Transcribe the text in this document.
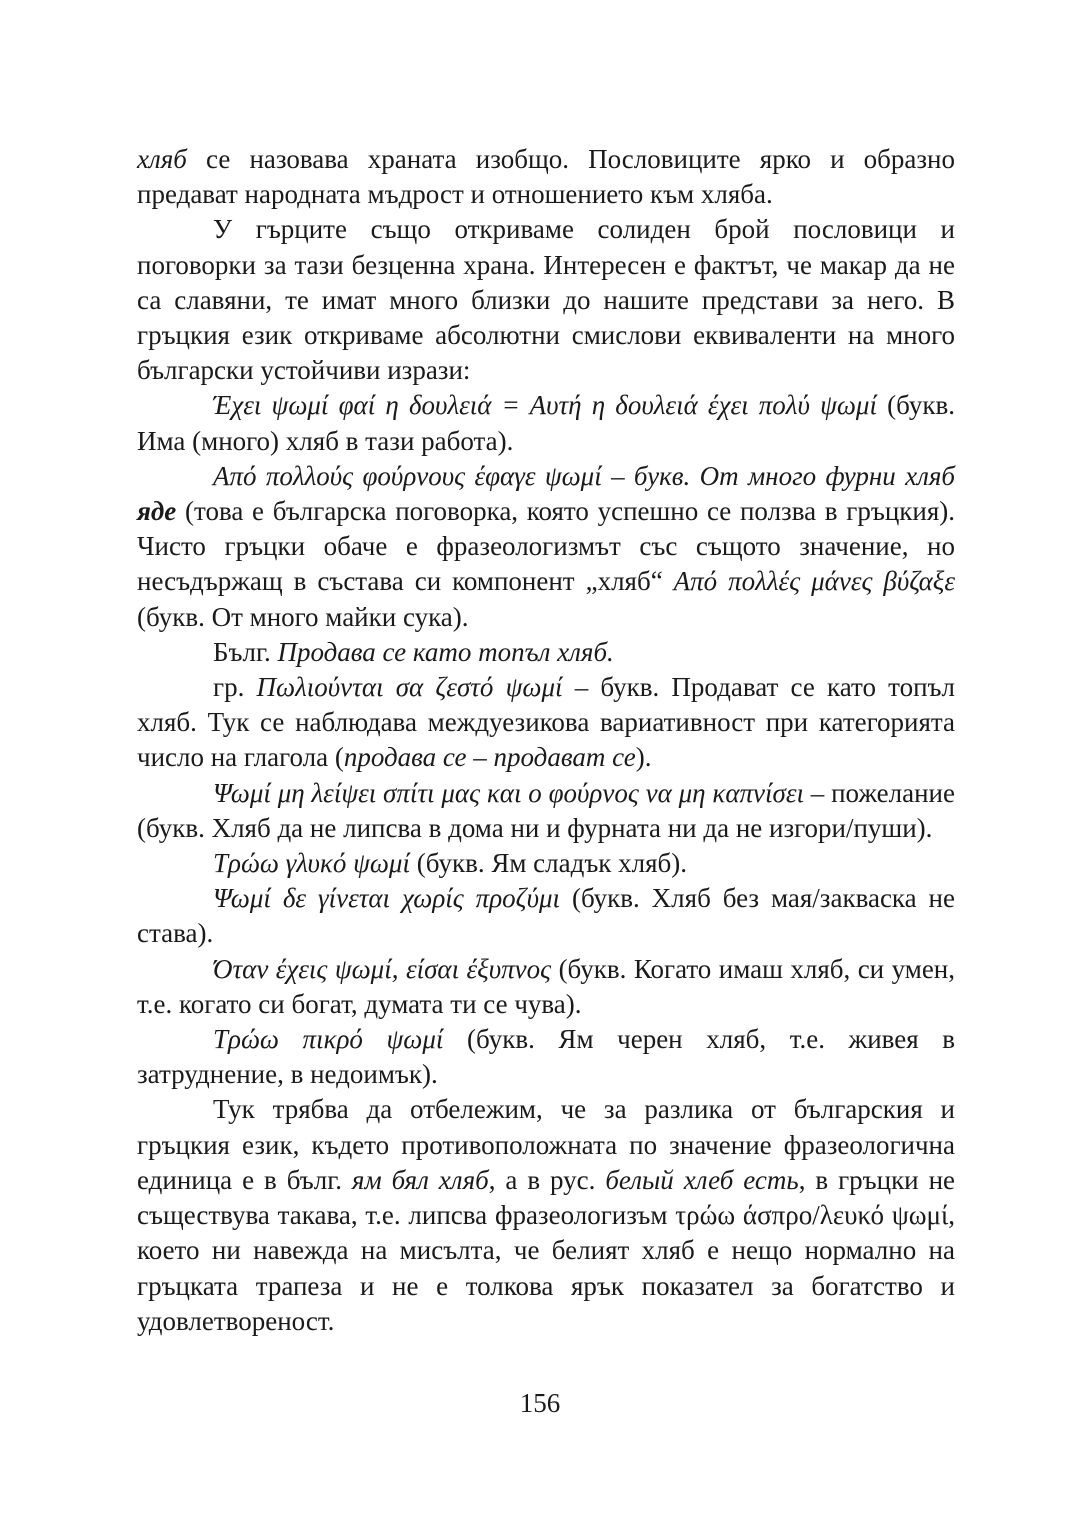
хляб се назовава храната изобщо. Пословиците ярко и образно предават народната мъдрост и отношението към хляба.

У гърците също откриваме солиден брой пословици и поговорки за тази безценна храна. Интересен е фактът, че макар да не са славяни, те имат много близки до нашите представи за него. В гръцкия език откриваме абсолютни смислови еквиваленти на много български устойчиви изрази:

Έχει ψωμί φαί η δουλειά = Αυτή η δουλειά έχει πολύ ψωμί (букв. Има (много) хляб в тази работа).

Από πολλούς φούρνους έφαγε ψωμί – букв. От много фурни хляб яде (това е българска поговорка, която успешно се ползва в гръцкия). Чисто гръцки обаче е фразеологизмът със същото значение, но несъдържащ в състава си компонент „хляб“ Από πολλές μάνες βύζαξε (букв. От много майки сука).

Бълг. Продава се като топъл хляб.

гр. Πωλιούνται σα ζεστό ψωμί – букв. Продават се като топъл хляб. Тук се наблюдава междуезикова вариативност при категорията число на глагола (продава се – продават се).

Ψωμί μη λείψει σπίτι μας και ο φούρνος να μη καπνίσει – пожелание (букв. Хляб да не липсва в дома ни и фурната ни да не изгори/пуши).

Τρώω γλυκό ψωμί (букв. Ям сладък хляб).

Ψωμί δε γίνεται χωρίς προζύμι (букв. Хляб без мая/закваска не става).

Όταν έχεις ψωμί, είσαι έξυπνος (букв. Когато имаш хляб, си умен, т.е. когато си богат, думата ти се чува).

Τρώω πικρό ψωμί (букв. Ям черен хляб, т.е. живея в затруднение, в недоимък).

Тук трябва да отбележим, че за разлика от българския и гръцкия език, където противоположната по значение фразеологична единица е в бълг. ям бял хляб, а в рус. белый хлеб есть, в гръцки не съществува такава, т.е. липсва фразеологизъм τρώω άσπρο/λευκό ψωμί, което ни навежда на мисълта, че белият хляб е нещо нормално на гръцката трапеза и не е толкова ярък показател за богатство и удовлетвореност.

156
